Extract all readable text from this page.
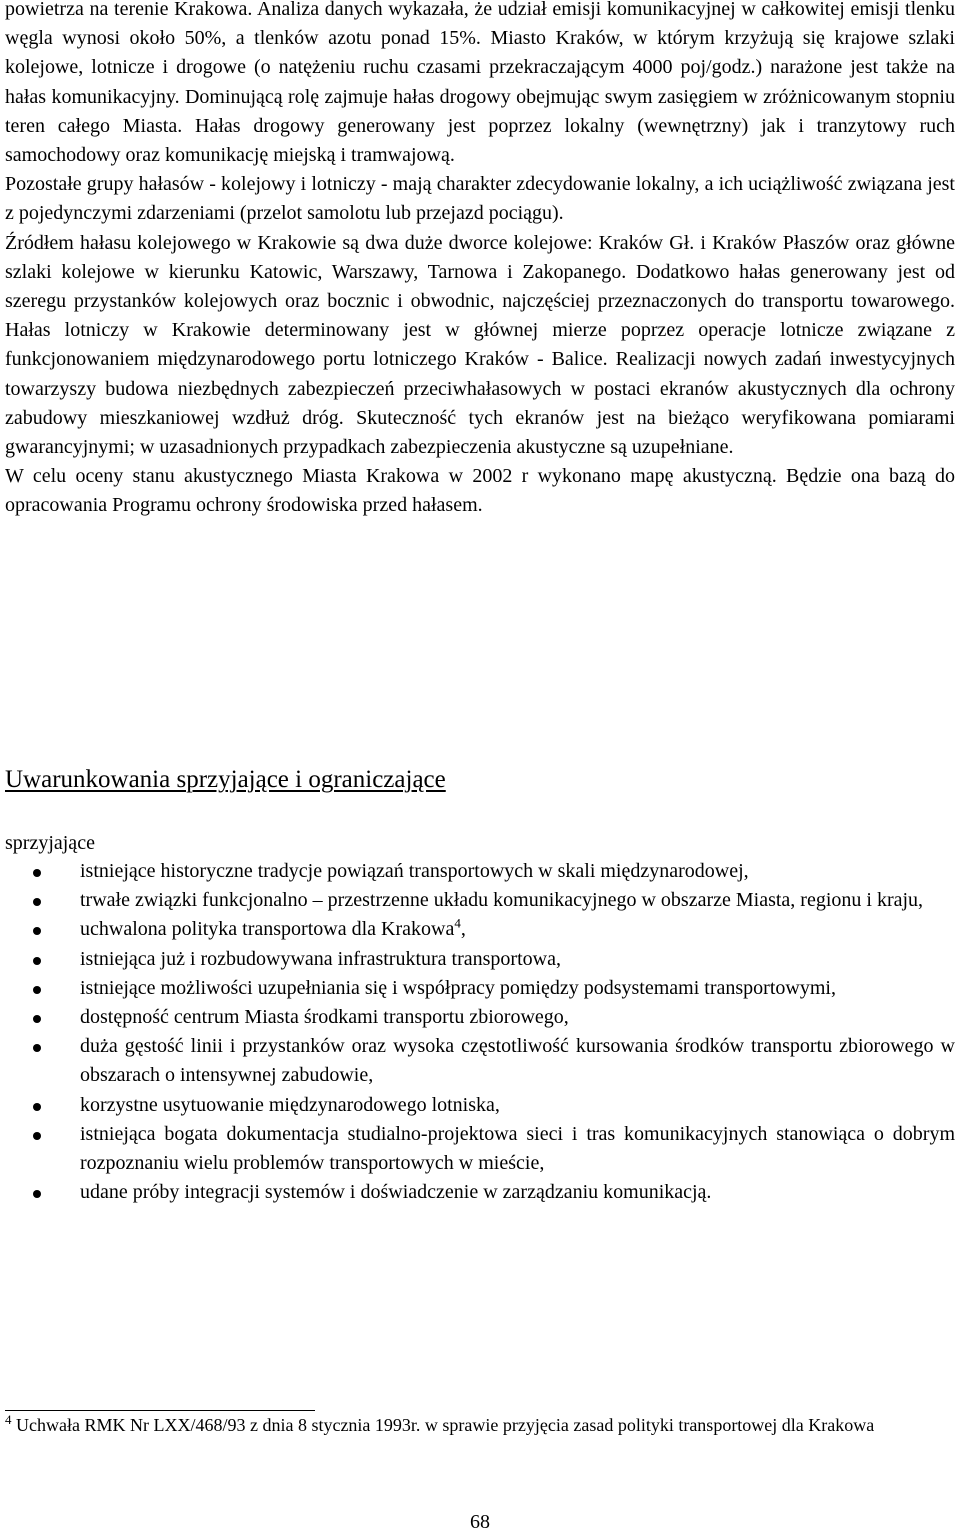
powietrza na terenie Krakowa. Analiza danych wykazała, że udział emisji komunikacyjnej w całkowitej emisji tlenku węgla wynosi około 50%, a tlenków azotu ponad 15%. Miasto Kraków, w którym krzyżują się krajowe szlaki kolejowe, lotnicze i drogowe (o natężeniu ruchu czasami przekraczającym 4000 poj/godz.) narażone jest także na hałas komunikacyjny. Dominującą rolę zajmuje hałas drogowy obejmując swym zasięgiem w zróżnicowanym stopniu teren całego Miasta. Hałas drogowy generowany jest poprzez lokalny (wewnętrzny) jak i tranzytowy ruch samochodowy oraz komunikację miejską i tramwajową.

Pozostałe grupy hałasów - kolejowy i lotniczy - mają charakter zdecydowanie lokalny, a ich uciążliwość związana jest z pojedynczymi zdarzeniami (przelot samolotu lub przejazd pociągu).

Źródłem hałasu kolejowego w Krakowie są dwa duże dworce kolejowe: Kraków Gł. i Kraków Płaszów oraz główne szlaki kolejowe w kierunku Katowic, Warszawy, Tarnowa i Zakopanego. Dodatkowo hałas generowany jest od szeregu przystanków kolejowych oraz bocznic i obwodnic, najczęściej przeznaczonych do transportu towarowego. Hałas lotniczy w Krakowie determinowany jest w głównej mierze poprzez operacje lotnicze związane z funkcjonowaniem międzynarodowego portu lotniczego Kraków - Balice. Realizacji nowych zadań inwestycyjnych towarzyszy budowa niezbędnych zabezpieczeń przeciwhałasowych w postaci ekranów akustycznych dla ochrony zabudowy mieszkaniowej wzdłuż dróg. Skuteczność tych ekranów jest na bieżąco weryfikowana pomiarami gwarancyjnymi; w uzasadnionych przypadkach zabezpieczenia akustyczne są uzupełniane.

W celu oceny stanu akustycznego Miasta Krakowa w 2002 r wykonano mapę akustyczną. Będzie ona bazą do opracowania Programu ochrony środowiska przed hałasem.

Uwarunkowania sprzyjające i ograniczające
sprzyjające
istniejące historyczne tradycje powiązań transportowych w skali międzynarodowej,
trwałe związki funkcjonalno – przestrzenne układu komunikacyjnego w obszarze Miasta, regionu i kraju,
uchwalona polityka transportowa dla Krakowa$^4$,
istniejąca już i rozbudowywana infrastruktura transportowa,
istniejące możliwości uzupełniania się i współpracy pomiędzy podsystemami transportowymi,
dostępność centrum Miasta środkami transportu zbiorowego,
duża gęstość linii i przystanków oraz wysoka częstotliwość kursowania środków transportu zbiorowego w obszarach o intensywnej zabudowie,
korzystne usytuowanie międzynarodowego lotniska,
istniejąca bogata dokumentacja studialno-projektowa sieci i tras komunikacyjnych stanowiąca o dobrym rozpoznaniu wielu problemów transportowych w mieście,
udane próby integracji systemów i doświadczenie w zarządzaniu komunikacją.

$^4$ Uchwała RMK Nr LXX/468/93 z dnia 8 stycznia 1993r. w sprawie przyjęcia zasad polityki transportowej dla Krakowa

68
